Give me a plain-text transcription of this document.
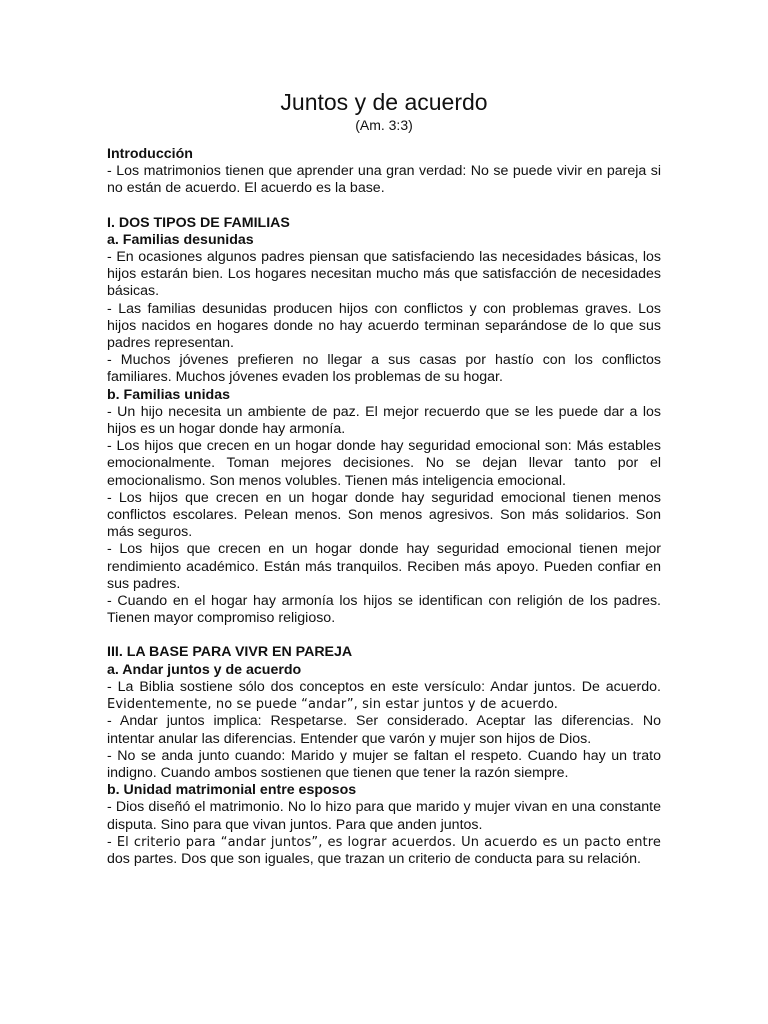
Juntos y de acuerdo

(Am. 3:3)

Introducción

- Los matrimonios tienen que aprender una gran verdad: No se puede vivir en pareja si no están de acuerdo. El acuerdo es la base.

I. DOS TIPOS DE FAMILIAS

a. Familias desunidas

- En ocasiones algunos padres piensan que satisfaciendo las necesidades básicas, los hijos estarán bien. Los hogares necesitan mucho más que satisfacción de necesidades básicas.

- Las familias desunidas producen hijos con conflictos y con problemas graves. Los hijos nacidos en hogares donde no hay acuerdo terminan separándose de lo que sus padres representan.

- Muchos jóvenes prefieren no llegar a sus casas por hastío con los conflictos familiares. Muchos jóvenes evaden los problemas de su hogar.

b. Familias unidas

- Un hijo necesita un ambiente de paz. El mejor recuerdo que se les puede dar a los hijos es un hogar donde hay armonía.

- Los hijos que crecen en un hogar donde hay seguridad emocional son: Más estables emocionalmente. Toman mejores decisiones. No se dejan llevar tanto por el emocionalismo. Son menos volubles. Tienen más inteligencia emocional.

- Los hijos que crecen en un hogar donde hay seguridad emocional tienen menos conflictos escolares. Pelean menos. Son menos agresivos. Son más solidarios. Son más seguros.

- Los hijos que crecen en un hogar donde hay seguridad emocional tienen mejor rendimiento académico. Están más tranquilos. Reciben más apoyo. Pueden confiar en sus padres.

- Cuando en el hogar hay armonía los hijos se identifican con religión de los padres. Tienen mayor compromiso religioso.

III. LA BASE PARA VIVR EN PAREJA

a. Andar juntos y de acuerdo

- La Biblia sostiene sólo dos conceptos en este versículo: Andar juntos. De acuerdo. Evidentemente, no se puede “andar”, sin estar juntos y de acuerdo.

- Andar juntos implica: Respetarse. Ser considerado. Aceptar las diferencias. No intentar anular las diferencias. Entender que varón y mujer son hijos de Dios.

- No se anda junto cuando: Marido y mujer se faltan el respeto. Cuando hay un trato indigno. Cuando ambos sostienen que tienen que tener la razón siempre.

b. Unidad matrimonial entre esposos

- Dios diseñó el matrimonio. No lo hizo para que marido y mujer vivan en una constante disputa. Sino para que vivan juntos. Para que anden juntos.

- El criterio para “andar juntos”, es lograr acuerdos. Un acuerdo es un pacto entre dos partes. Dos que son iguales, que trazan un criterio de conducta para su relación.
